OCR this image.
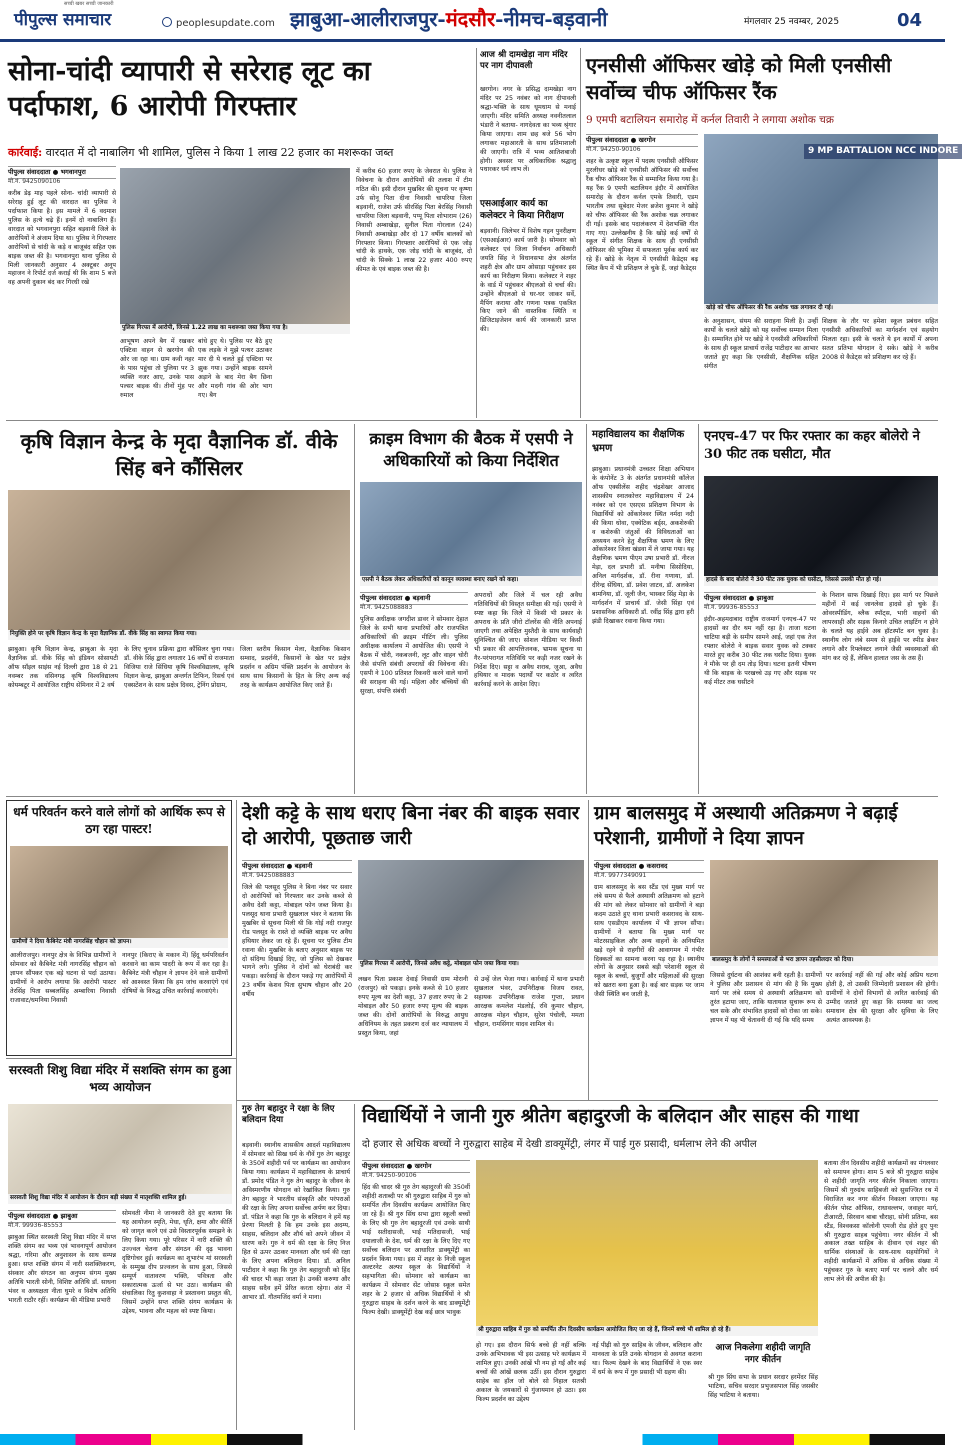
सच्ची खबर सच्ची जानकारी
पीपुल्स समाचार	peoplesupdate.com झाबुआ-आलीराजपुर-मंदसौर-नीमच-बड़वानी	मंगलवार 25 नवम्बर, 2025	04
सोना-चांदी व्यापारी से सरेराह लूट का पर्दाफाश, 6 आरोपी गिरफ्तार
कार्रवाई: वारदात में दो नाबालिग भी शामिल, पुलिस ने किया 1 लाख 22 हजार का मशरूका जब्त
पीपुल्स संवाददाता ● भगवानपुरा
मो.नं. 9425090106
करीब डेढ़ माह पहले सोना- चांदी व्यापारी से सरेराह हुई लूट की वारदात का पुलिस ने पर्दाफाश किया है। इस मामले में 6 वदमाश पुलिस के हत्थे चढ़े हैं। इनमें दो नाबालिग हैं। वारदात को भगवानपुरा सहित बड़वानी जिले के आरोपियों ने अंजाम दिया था। पुलिस ने गिरफ्तार आरोपियों से चांदी के कड़े व बाजूबंद सहित एक बाइक जब्त की है। भगवानपुरा थाना पुलिस से मिली जानकारी अनुसार 4 अक्टूबर अनूप महाजन ने रिपोर्ट दर्ज कराई थी कि शाम 5 बजे वह अपनी दुकान बंद कर गिरधी रखे
पुलिस गिरफ्त में आरोपी, जिनसे 1.22 लाख का मशरूका जब्त किया गया है।
आभूषण अपने बैग में रखकर एक्टिवा वाहन से खरगोन की ओर जा रहा था। ग्राम कवी नहर के पास पहुंचा तो पुलिया पर 3 व्यक्ति नजर आए, उनके पास पल्सर बाइक थी। तीनों मुंह पर रुमाल
बांधे हुए थे। पुलिस पर बैठे हुए एक लड़के ने मुझे पत्थर उठाकर मार दी ये चलते हुई एक्टिवा पर झुक गया। उन्होंने बाइक सामने अड़ाने के बाद मेरा बैग छिना और मदनी गांव की ओर भाग गए। बैग
में करीब 60 हजार रुपए के जेवरात थे। पुलिस ने विवेचना के दौरान आरोपियों की तलाश में टीम गठित की। इसी दौरान मुखबिर की सूचना पर कृष्णा उर्फ सोनू पिता दीना निवासी चापरिया जिला बड़वानी, राजेश उर्फ सीरसिंह पिता बेरसिंह निवासी चापरिया जिला बड़वानी, पप्पू पिता शोभाराम (26) निवासी अम्बाखेड़ा, सुनील पिता गोरलाल (24) निवासी अम्बाखेड़ा और दो 17 वर्षीय बालकों को गिरफ्तार किया। गिरफ्तार आरोपियों से एक जोड़ चांदी के हाथके, एक जोड़ चांदी के बाजूबंद, दो चांदी के सिक्के 1 लाख 22 हजार 400 रुपए कीमत के एवं बाइक जब्त की है।
आज श्री दामखेड़ा नाग मंदिर पर नाग दीपावली
खरगोन। नगर के प्रसिद्ध दामखेड़ा नाग मंदिर पर 25 नवंबर को नाग दीपावली श्रद्धा-भक्ति के साथ धूमधाम से मनाई जाएगी। मंदिर समिति अध्यक्ष नवनीतलाल भंडारी ने बताया- नागदेवता का भव्य श्रृंगार किया जाएगा। शाम छह बजे 56 भोग लगाकर महाआरती के साथ प्रतिमाशाली की जाएगी। रात्रि में भव्य आतिशबाजी होगी। अवसर पर अधिकाधिक श्रद्धालु पधारकर धर्म लाभ लें।
एसआईआर कार्य का कलेक्टर ने किया निरीक्षण
बड़वानी। जिलेभर में विशेष गहन पुनरीक्षण (एसआईआर) कार्य जारी है। सोमवार को कलेक्टर एवं जिला निर्वाचन अधिकारी जयति सिंह ने विधानसभा क्षेत्र अंतर्गत शहरी क्षेत्र और ग्राम ओसाड़ा पहुंचकर इस कार्य का निरीक्षण किया। कलेक्टर ने शहर के वार्ड में पहुंचकर बीएलओ से चर्चा की। उन्होंने बीएलओ से घर-घर जाकर सर्वे, मैपिंग कराया और गणना पत्रक एकत्रित किए जाने की वास्तविक स्थिति व डिजिटाइजेशन कार्य की जानकारी प्राप्त की।
एनसीसी ऑफिसर खोड़े को मिली एनसीसी सर्वोच्च चीफ ऑफिसर रैंक
9 एमपी बटालियन समारोह में कर्नल तिवारी ने लगाया अशोक चक्र
पीपुल्स संवाददाता ● खरगोन
मो.नं. 94250-90106
शहर के उत्कृष्ट स्कूल में पदस्थ एनसीसी ऑफिसर मुरलीधर खोड़े को एनसीसी ऑफिसर की सर्वोच्च रैंक चीफ ऑफिसर रैंक से सम्मानित किया गया है। यह रैंक 9 एमपी बटालियन इंदौर में आयोजित समारोह के दौरान कर्नल एमके तिवारी, एडम भारतीय तथा सूबेदार मेजर ब्रजेश कुमार ने खोड़े को चीफ ऑफिसर की रैंक अशोक चक्र लगाकर दी गई। इसके बाद पदालंकरण में देशभक्ति गीत गाए गए। उल्लेखनीय है कि खोड़े कई वर्षों से स्कूल में संगीत शिक्षक के साथ ही एनसीसी ऑफिसर की भूमिका में सफलता पूर्वक कार्य कर रहे हैं। खोड़े के नेतृत्व में एनसीसी कैडेट्स बढ़ स्थित कैंप में भी प्रशिक्षण ले चुके हैं, जहां कैडेट्स
9 MP BATTALION NCC INDORE
खोड़े को चीफ ऑफिसर की रैंक अशोक चक्र लगाकर दी गई।
के अनुशासन, संयम की सराहना मिली है। उन्हीं कार्यों के चलते खोड़े को यह सर्वोच्च सम्मान मिला है। सम्मानित होने पर खोड़े ने एनसीसी अधिकारियों के साथ ही स्कूल प्राचार्य राजेंद्र पाटीदार का आभार जताते हुए कहा कि एनसीसी, शैक्षणिक सहित संगीत
शिक्षक के तौर पर हमेशा स्कूल प्रबंधन सहित एनसीसी अधिकारियों का मार्गदर्शन एवं सहयोग मिलता रहा। इसी के चलते ये इन कार्यों में अपना सतत प्रतिभा योगदान दे सके। खोड़े ने करीब 2008 से कैडेट्स को प्रशिक्षण कर रहे हैं।
कृषि विज्ञान केन्द्र के मृदा वैज्ञानिक डॉ. वीके सिंह बने कौंसिलर
नियुक्ति होने पर कृषि विज्ञान केन्द्र के मृदा वैज्ञानिक डॉ. वीके सिंह का स्वागत किया गया।
झाबुआ। कृषि विज्ञान केन्द्र, झाबुआ के मृदा वैज्ञानिक डॉ. वीके सिंह को इंडियन सोसायटी ऑफ सॉइल साइंस नई दिल्ली द्वारा 18 से 21 नवम्बर तक वसिनगढ़ कृषि विश्वविद्यालय कोयम्बटूर में आयोजित राष्ट्रीय सेमिनार में 2 वर्ष
के लिए चुनाव प्रक्रिया द्वारा कौंसिलर चुना गया। डॉ. वीके सिंह द्वारा लगातार 16 वर्षों से राजमाता विजिया राजे सिंधिया कृषि विश्वविद्यालय, कृषि विज्ञान केन्द्र, झाबुआ अन्तर्गत टिफिन, रिसर्च एवं एक्सटेंशन के साथ प्रक्षेत्र दिवस, ट्रेनिंग प्रोग्राम,
जिला स्तरीय किसान मेला, वैज्ञानिक किसान सम्वाद, प्रदर्शनी, किसानों के खेत पर प्रक्षेत्र प्रदर्शन व अग्रिम पंक्ति प्रदर्शन के आयोजन के साथ साथ किसानों के हित के लिए अन्य कई तरह के कार्यक्रम आयोजित किए जाते हैं।
क्राइम विभाग की बैठक में एसपी ने अधिकारियों को किया निर्देशित
एसपी ने बैठक लेकर अधिकारियों को कानून व्यवस्था बनाए रखने को कहा।
पीपुल्स संवाददाता ● बड़वानी
मो.नं. 9425088883
पुलिस अधीक्षक जगदीश डावर ने सोमवार देहात जिले के सभी थाना प्रभारियों और राजपत्रित अधिकारियों की क्राइम मीटिंग ली। पुलिस अधीक्षक कार्यालय में आयोजित की। एसपी ने बैठक में चोरी, नकबजनी, लूट और वाहन चोरी जैसे संपत्ति संबंधी अपराधों की विवेचना की। एसपी ने 100 प्रतिशत रिकवरी करने वाले थानों की सराहना की गई। महिला और बच्चियों की सुरक्षा, संपत्ति संबंधी
अपराधों और जिले में चल रही अवैध गतिविधियों की विस्तृत समीक्षा की गई। एसपी ने स्पष्ट कहा कि जिले में किसी भी प्रकार के अपराध के प्रति जीरो टॉलरेंस की नीति अपनाई जाएगी तथा अपेक्षित मुस्तैदी के साथ कार्यवाही सुनिश्चित की जाए। सोशल मीडिया पर किसी भी प्रकार की आपत्तिजनक, भ्रामक सूचना या गैर-परंपरागत गतिविधि पर कड़ी नजर रखने के निर्देश दिए। सट्टा व अवैध शराब, जुआ, अवैध हथियार व मादक पदार्थों पर कठोर व त्वरित कार्रवाई करने के आदेश दिए।
महाविद्यालय का शैक्षणिक भ्रमण
झाबुआ। प्रधानमंत्री उच्चतर शिक्षा अभियान के कंपोनेंट 3 के अंतर्गत प्रधानमंत्री कॉलेज ऑफ एक्सीलेंस शहीद चंद्रशेखर आजाद शासकीय स्नातकोत्तर महाविद्यालय में 24 नवंबर को एन एसएस प्रशिक्षण विभाग के विद्यार्थियों को ओंकारेश्वर स्थित नर्मदा नदी की किया धोवा, एक्वेटिक बर्ड्स, अकशेरुकी व कशेरुकी जंतुओं की विविधताओं का अध्ययन करने हेतु शैक्षणिक भ्रमण के लिए ओंकारेश्वर जिला खंडवा में ले जाया गया। यह शैक्षणिक भ्रमण पीएम उषा प्रभारी डॉ. नीरज मेड़ा, दल प्रभारी डॉ. मनीषा सिसोदिया, अनिल मार्गदर्शक, डॉ. रीना गणाया, डॉ. दीरेन्द्र सेंधिया, डॉ. प्रवेश जाटव, डॉ. अलकेश बामनिया, डॉ. जूली जैन, भास्कर सिंह मेड़ा के मार्गदर्शन में प्राचार्य डॉ. जेसी सिंहा एवं प्रशासनिक अधिकारी डॉ. रवींद्र सिंह द्वारा हरी झंडी दिखाकर रवाना किया गया।
एनएच-47 पर फिर रफ्तार का कहर बोलेरो ने 30 फीट तक घसीटा, मौत
हादसे के बाद बोलेरो ने 30 फीट तक युवक को घसीटा, जिससे उसकी मौत हो गई।
पीपुल्स संवाददाता ● झाबुआ
मो.नं. 99936-85553
इंदौर-अहमदाबाद राष्ट्रीय राजमार्ग एनएच-47 पर हादसों का दौर थम नहीं रहा है। ताजा घटना चाटिया बड़ी के समीप सामने आई, जहां एक तेज रफ्तार बोलेरो ने बाइक सवार युवक को टक्कर मारते हुए करीब 30 फीट तक घसीट दिया। युवक ने मौके पर ही दम तोड़ दिया। घटना इतनी भीषण थी कि बाइक के परखच्चे उड़ गए और सड़क पर कई मीटर तक घसीटने
के निशान साफ दिखाई दिए। इस मार्ग पर पिछले महीनों में कई जानलेवा हादसे हो चुके हैं। ओवरस्पीडिंग, ब्लैक स्पॉट्स, भारी वाहनों की लापरवाही और सड़क किनारे उचित लाइटिंग न होने के चलते यह हाईवे अब हॉटस्पॉट बन चुका है। स्थानीय लोग लंबे समय से हाईवे पर स्पीड ब्रेकर लगाने और रिफ्लेक्टर लगाने जैसी व्यवस्थाओं की मांग कर रहे हैं, लेकिन हालात जस के तस हैं।
धर्म परिवर्तन करने वाले लोगों को आर्थिक रूप से ठग रहा पास्टर!
ग्रामीणों ने दिया कैबिनेट मंत्री नागरसिंह चौहान को ज्ञापन।
आलीराजपुर। नानपुर क्षेत्र के विभिन्न ग्रामीणों ने सोमवार को कैबिनेट मंत्री नागरसिंह चौहान को ज्ञापन सौंपकर एक बड़े घटना से पर्दा उठाया। ग्रामीणों ने आरोप लगाया कि आरोपी पास्टर तेरसिंह पिता सब्बलसिंह अम्बारिया निवासी राजावाट/धमनिया निवासी
नानपुर (किराए के मकान में) हिंदू धर्मपरिवर्तन करवाने का काम पादरी के रूप में कर रहा है। कैबिनेट मंत्री चौहान ने ज्ञापन देने वाले ग्रामीणों को आश्वस्त किया कि हम जांच करवाएंगे एवं दोषियों के विरुद्ध उचित कार्रवाई करवाएंगे।
सरस्वती शिशु विद्या मंदिर में सशक्ति संगम का हुआ भव्य आयोजन
सरस्वती शिशु विद्या मंदिर में आयोजन के दौरान बड़ी संख्या में मातृशक्ति शामिल हुई।
पीपुल्स संवाददाता ● झाबुआ
मो.नं. 99936-85553
झाबुआ स्थित सरस्वती शिशु विद्या मंदिर में सप्त शक्ति संगम का भव्य एवं भावनापूर्ण आयोजन श्रद्धा, गरिमा और अनुशासन के साथ सम्पन्न हुआ। सप्त शक्ति संगम में नारी सशक्तिकरण, संस्कार और संगठन का अनुपम संगम मुख्य अतिथि भारती सोनी, विशिष्ट अतिथि डॉ. साधना भंवर व अध्यक्षता नीता घुमरे व विशेष अतिथि भारती राठौर रहीं। कार्यक्रम की मीडिया प्रभारी
सोमवती नीमा ने जानकारी देते हुए बताया कि यह आयोजन स्मृति, मेधा, धृति, क्षमा और कीर्ति को जागृत करने एवं उसे विस्तारपूर्वक समझने के लिए किया गया। पूरे परिसर में नारी शक्ति की उज्ज्वल चेतना और संगठन की दृढ़ भावना दृष्टिगोचर हुई। कार्यक्रम का शुभारंभ मां सरस्वती के सम्मुख दीप प्रज्वलन के साथ हुआ, जिससे सम्पूर्ण वातावरण भक्ति, पवित्रता और सकारात्मक ऊर्जा से भर उठा। कार्यक्रम की संचालिका रितु कुशवाहा ने प्रस्तावना प्रस्तुत की, जिसमें उन्होंने सप्त शक्ति संगम कार्यक्रम के उद्देश्य, भावना और महत्व को स्पष्ट किया।
देशी कट्टे के साथ धराए बिना नंबर की बाइक सवार दो आरोपी, पूछताछ जारी
पीपुल्स संवाददाता ● बड़वानी
मो.नं. 9425088883
जिले की पलसूद पुलिस ने बिना नंबर पर सवार दो आरोपियों को गिरफ्तार कर उनके कब्जे से अवैध देशी कट्टा, मोबाइल फोन जब्त किया है। पलसूद थाना प्रभारी सुखलाल भंवर ने बताया कि मुखबिर से सूचना मिली थी कि गोई नदी राजपुर रोड पलसूद के रास्ते दो व्यक्ति बाइक पर अवैध हथियार लेकर जा रहे हैं। सूचना पर पुलिस टीम रवाना की। मुखबिर के बताए अनुसार बाइक पर दो संदिग्ध दिखाई दिए, जो पुलिस को देखकर भागने लगे। पुलिस ने दोनों को घेराबंदी कर पकड़ा। कार्रवाई के दौरान पकड़े गए आरोपियों में 23 वर्षीय केशव पिता सुभाष चौहान और 20 वर्षीय
पुलिस गिरफ्त में आरोपी, जिनसे अवैध कट्टे, मोबाइल फोन जब्त किया गया।
लखन पिता प्रकाश देवाई निवासी ग्राम मोरानी (राजपुर) को पकड़ा। इनके कब्जे से 10 हजार रुपए मूल्य का देशी कट्टा, 37 हजार रुपए के 2 मोबाइल और 50 हजार रुपए मूल्य की बाइक जब्त की। दोनों आरोपियों के विरुद्ध आयुध अधिनियम के तहत प्रकरण दर्ज कर न्यायालय में प्रस्तुत किया, जहां
से उन्हें जेल भेजा गया। कार्रवाई में थाना प्रभारी सुखलाल भंवर, उपनिरीक्षक विजय रावत, सहायक उपनिरीक्षक राजेश गुप्ता, प्रधान आरक्षक कमलेश मंडलोई, रवि कुमार चौहान, आरक्षक मोहन चौहान, सुरेश पंचोली, ममता चौहान, रामसिंगार यादव शामिल थे।
ग्राम बालसमुद में अस्थायी अतिक्रमण ने बढ़ाई परेशानी, ग्रामीणों ने दिया ज्ञापन
पीपुल्स संवाददाता ● कसरावद
मो.नं. 9977349091
ग्राम बालसमुद के बस स्टैंड एवं मुख्य मार्ग पर लंबे समय से फैले अस्थायी अतिक्रमण को हटाने की मांग को लेकर सोमवार को ग्रामीणों ने बड़ा कदम उठाते हुए थाना प्रभारी कसरावद के साथ-साथ एसडीएम कार्यालय में भी ज्ञापन सौंपा। ग्रामीणों ने बताया कि मुख्य मार्ग पर मोटरसाइकिल और अन्य वाहनों के अनियमित खड़े रहने से राहगीरों की आवागमन में गंभीर दिक्कतों का सामना करना पड़ रहा है। स्थानीय लोगों के अनुसार सबसे बड़ी परेशानी स्कूल से स्कूल के बच्चों, बुजुर्गों और महिलाओं की सुरक्षा को खतरा बना हुआ है। कई बार सड़क पर जाम जैसी स्थिति बन जाती है,
बालसमुद के लोगों ने समस्याओं से भरा ज्ञापन तहसीलदार को दिया।
जिससे दुर्घटना की आशंका बनी रहती है। ग्रामीणों ने पुलिस और प्रशासन से मांग की है कि मुख्य मार्ग पर लंबे समय से अस्थायी अतिक्रमण को तुरंत हटाया जाए, ताकि यातायात सुचारू रूप से चल सके और संभावित हादसों को रोका जा सके। ज्ञापन में यह भी चेतावनी दी गई कि यदि समय
पर कार्रवाई नहीं की गई और कोई अप्रिय घटना होती है, तो उसकी जिम्मेदारी प्रशासन की होगी। ग्रामीणों ने दोनों विभागों से त्वरित कार्रवाई की उम्मीद जताते हुए कहा कि समस्या का जल्द समाधान क्षेत्र की सुरक्षा और सुविधा के लिए अत्यंत आवश्यक है।
गुरु तेग बहादुर ने रक्षा के लिए बलिदान दिया
बड़वानी। स्थानीय शासकीय आदर्श महाविद्यालय में सोमवार को सिख धर्म के नौवें गुरु तेग बहादुर के 350वें शहीदी पर्व पर कार्यक्रम का आयोजन किया गया। कार्यक्रम में महाविद्यालय के प्राचार्य डॉ. प्रमोद पंडित ने गुरु तेग बहादुर के जीवन के अविस्मरणीय योगदान को रेखांकित किया। गुरु तेग बहादुर ने भारतीय संस्कृति और परंपराओं की रक्षा के लिए अपना सर्वोच्च अर्पण कर दिया। डॉ. पंडित ने कहा कि गुरु के बलिदान ने हमें यह प्रेरणा मिलती है कि हम उनके इस अदम्य, साहस, बलिदान और शौर्य को अपने जीवन में धारण करें। गुरु ने धर्म की रक्षा के लिए निज हित से ऊपर उठकर मानवता और धर्म की रक्षा के लिए अपना बलिदान दिया। डॉ. अनिल पाटीदार ने कहा कि गुरु तेग बहादुरजी को हिंद की चादर भी कहा जाता है। उनकी करुणा और साहस सदैव हमें प्रेरित करता रहेगा। अंत में आभार डॉ. गौतमजिंद वर्मा ने माना।
विद्यार्थियों ने जानी गुरु श्रीतेग बहादुरजी के बलिदान और साहस की गाथा
दो हजार से अधिक बच्चों ने गुरुद्वारा साहेब में देखी डाक्यूमेंट्री, लंगर में पाई गुरु प्रसादी, धर्मलाभ लेने की अपील
पीपुल्स संवाददाता ● खरगोन
मो.नं. 94250-90106
हिंद की चादर श्री गुरु तेग बहादुरजी की 350वीं शहीदी शताब्दी पर श्री गुरुद्वारा साहिब में गुरु को समर्पित तीन दिवसीय कार्यक्रम आयोजित किए जा रहे हैं। श्री गुरु सिंघ सभा द्वारा स्कूली बच्चों के लिए श्री गुरु तेग बहादुरजी एवं उनके साथी भाई सतीदासजी, भाई मतिदासजी, भाई दयालाजी के देश, धर्म की रक्षा के लिए दिए गए सर्वोच्च बलिदान पर आधारित डाक्यूमेंट्री का प्रदर्शन किया गया। इस में शहर के निजी स्कूल अल्टरनेट अल्फा स्कूल के विद्यार्थियों ने सहभागिता की। सोमवार को कार्यक्रम का कार्यक्रम में सोमवार सेंट जोसफ़ स्कूल समेत शहर के 2 हजार से अधिक विद्यार्थियों ने श्री गुरुद्वारा साहब के दर्शन करने के बाद डाक्यूमेंट्री फिल्म देखी। डाक्यूमेंट्री देख कई छात्र भावुक
श्री गुरुद्वारा साहिब में गुरु को समर्पित तीन दिवसीय कार्यक्रम आयोजित किए जा रहे हैं, जिनमें बच्चे भी शामिल हो रहे हैं।
हो गए। इस दौरान सिर्फ बच्चे ही नहीं बल्कि उनके अभिभावक भी इस उत्साह भरे कार्यक्रम में शामिल हुए। उनकी आंखें भी नम हो गईं और कई बच्चों की आंखें छलक उठीं। इस दौरान गुरुद्वारा साहेब का हॉल जो बोले सो निहाल सतश्री अकाल के जयकारों से गुंजायमान हो उठा। इस फिल्म प्रदर्शन का उद्देश्य
नई पीढ़ी को गुरु साहिब के जीवन, बलिदान और मानवता के प्रति उनके योगदान से अवगत कराना था। फिल्म देखने के बाद विद्यार्थियों ने एक स्वर में धर्म के रूप में गुरु प्रसादी भी ग्रहण की।
आज निकलेगा शहीदी जागृति नगर कीर्तन
श्री गुरु सिंघ सभा के प्रधान सरदार हरमेंदर सिंह भाटिया, सचिव सरदार प्रभुजसपाल सिंह जसबीर सिंह भाटिया ने बताया।
बताया तीन दिवसीय शहीदी कार्यक्रमों का मंगलवार को समापन होगा। शाम 5 बजे श्री गुरुद्वारा साहेब से शहीदी जागृति नगर कीर्तन निकाला जाएगा। जिसमें श्री गुरुग्रंथ साहिबजी को सुसज्जित रथ में विराजित कर नगर कीर्तन निकाला जाएगा। यह कीर्तन पोस्ट ऑफिस, राधावल्लभ, जवाहर मार्ग, टीआरटी, सिरवान बाबा चौराहा, सोनी प्रतिमा, बस स्टैंड, विश्वकसा कॉलोनी एमजी रोड होते हुए पुनः श्री गुरुद्वारा साहब पहुंचेगा। नगर कीर्तन में श्री अकाल तख्त साहिब के दीवान एवं शहर की धार्मिक संस्थाओं के साथ-साथ सहयोगियों ने शहीदी कार्यक्रमों में अधिक से अधिक संख्या में पहुंचकर गुरु के बताए मार्ग पर चलने और धर्म लाभ लेने की अपील की है।
